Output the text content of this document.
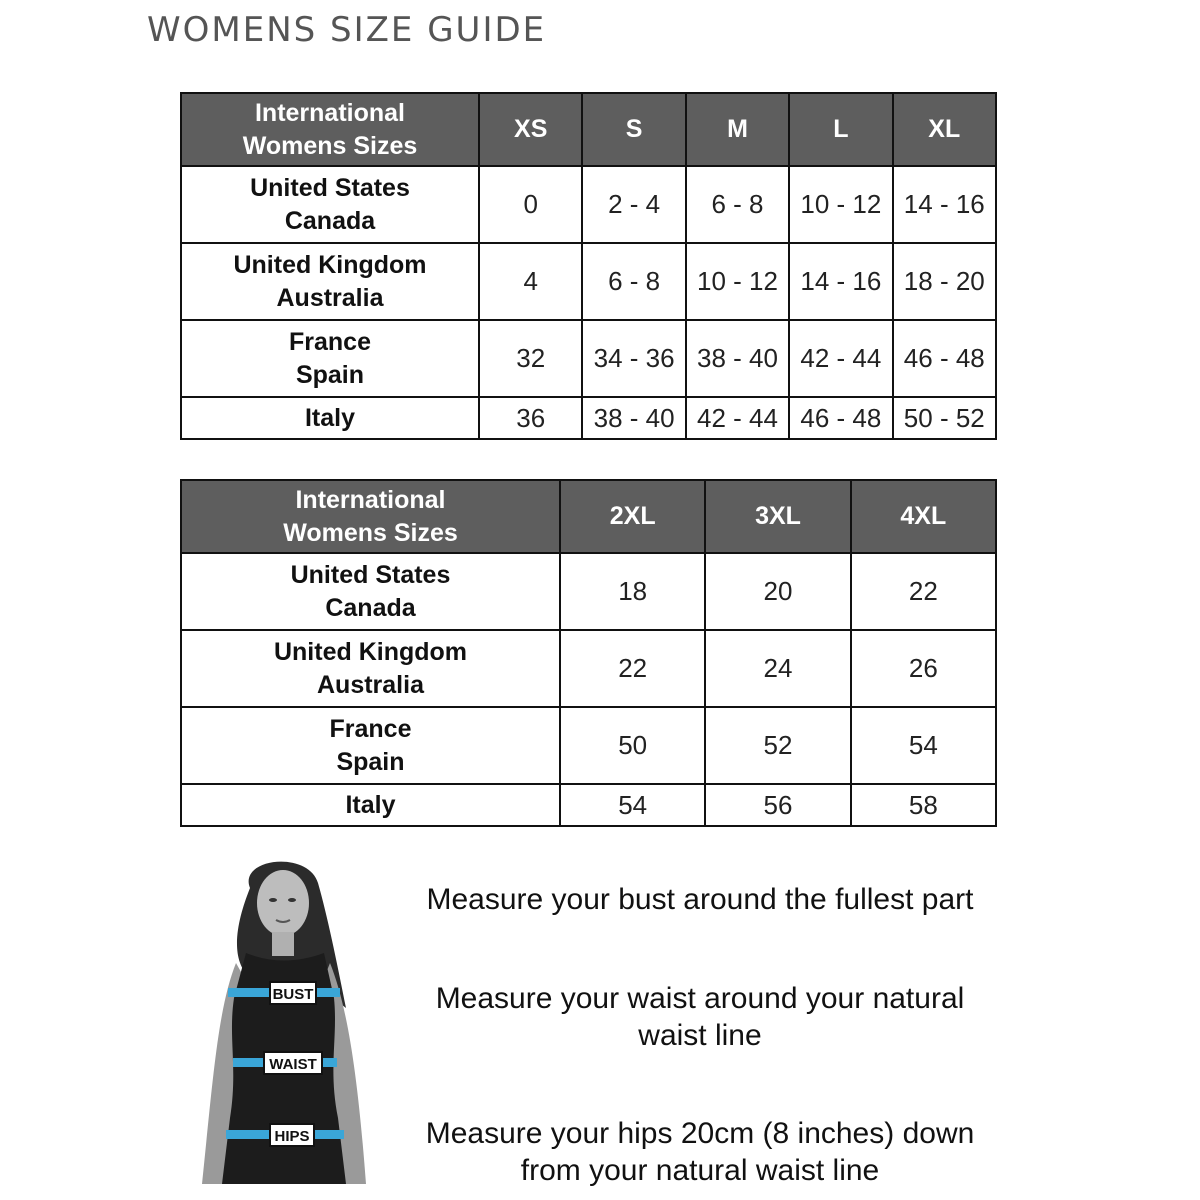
WOMENS SIZE GUIDE
International
Womens Sizes	XS	S	M	L	XL

United States
Canada	0	2 - 4	6 - 8	10 - 12	14 - 16

United Kingdom
Australia	4	6 - 8	10 - 12	14 - 16	18 - 20

France
Spain	32	34 - 36	38 - 40	42 - 44	46 - 48
Italy	36	38 - 40	42 - 44	46 - 48	50 - 52
International
Womens Sizes	2XL	3XL	4XL

United States
Canada	18	20	22

United Kingdom
Australia	22	24	26

France
Spain	50	52	54
Italy	54	56	58
BUST
WAIST
HIPS
Measure your bust around the fullest part
Measure your waist around your natural
waist line
Measure your hips 20cm (8 inches) down
from your natural waist line
